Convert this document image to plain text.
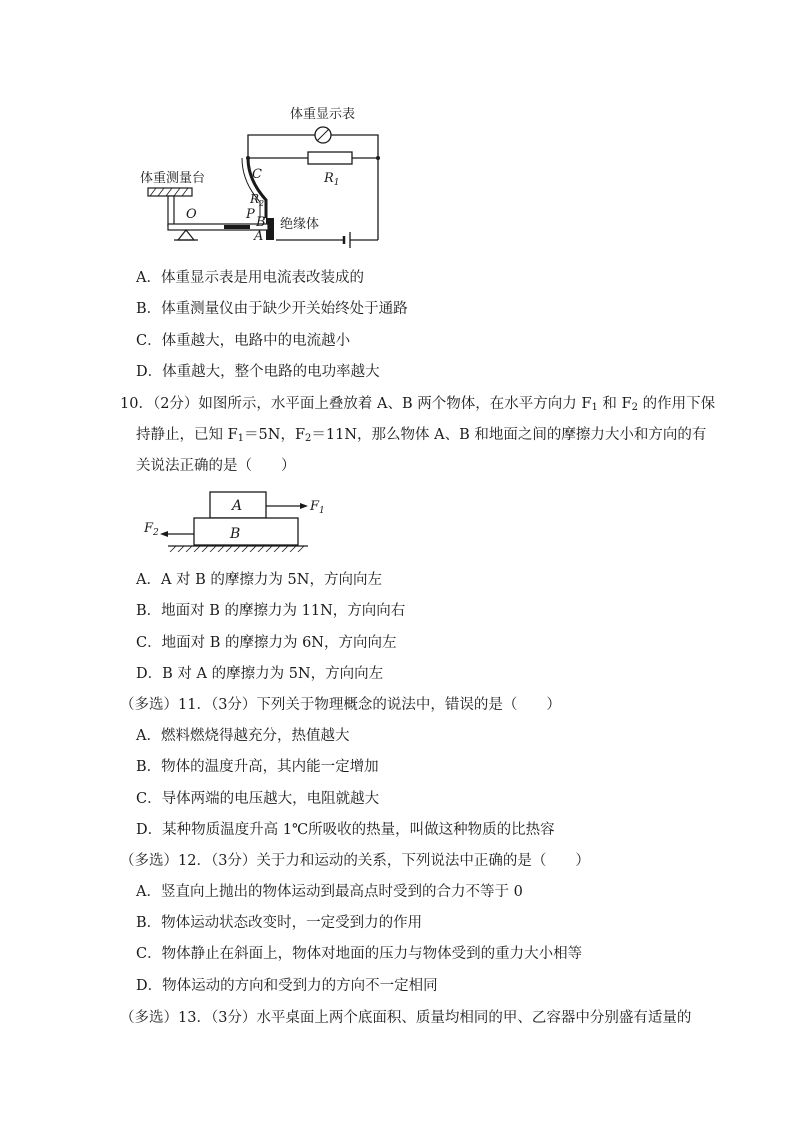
体重显示表
体重测量台	C	$R_1$
$R_2$
O	P
B
A
绝缘体
A．体重显示表是用电流表改装成的
B．体重测量仪由于缺少开关始终处于通路
C．体重越大，电路中的电流越小
D．体重越大，整个电路的电功率越大
10．（2分）如图所示，水平面上叠放着 A、B 两个物体，在水平方向力 $F_1$ 和 $F_2$ 的作用下保
持静止，已知 $F_1=5N$，$F_2=11N$，那么物体 A、B 和地面之间的摩擦力大小和方向的有
关说法正确的是（　　）
A
B
$F_1$
$F_2$
A．A 对 B 的摩擦力为 5N，方向向左
B．地面对 B 的摩擦力为 11N，方向向右
C．地面对 B 的摩擦力为 6N，方向向左
D．B 对 A 的摩擦力为 5N，方向向左
（多选）11．（3分）下列关于物理概念的说法中，错误的是（　　）
A．燃料燃烧得越充分，热值越大
B．物体的温度升高，其内能一定增加
C．导体两端的电压越大，电阻就越大
D．某种物质温度升高 1℃所吸收的热量，叫做这种物质的比热容
（多选）12．（3分）关于力和运动的关系，下列说法中正确的是（　　）
A．竖直向上抛出的物体运动到最高点时受到的合力不等于 0
B．物体运动状态改变时，一定受到力的作用
C．物体静止在斜面上，物体对地面的压力与物体受到的重力大小相等
D．物体运动的方向和受到力的方向不一定相同
（多选）13．（3分）水平桌面上两个底面积、质量均相同的甲、乙容器中分别盛有适量的
